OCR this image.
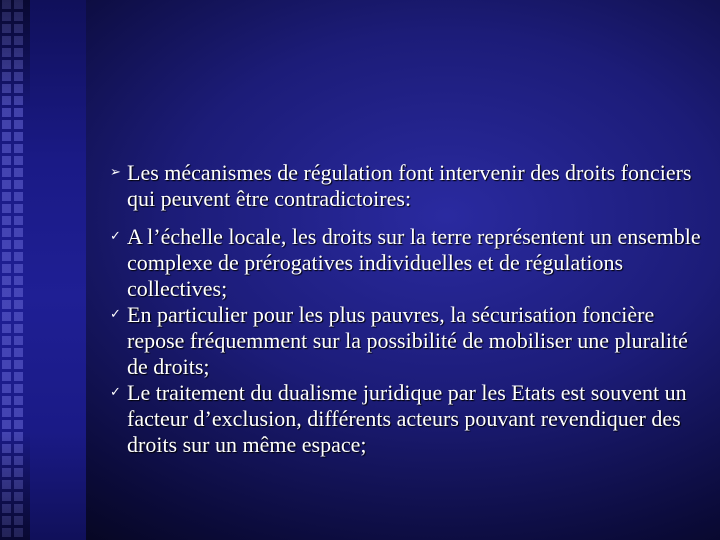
➢ Les mécanismes de régulation font intervenir des droits fonciers qui peuvent être contradictoires:
✓ A l’échelle locale, les droits sur la terre représentent un ensemble complexe de prérogatives individuelles et de régulations collectives;
✓ En particulier pour les plus pauvres, la sécurisation foncière repose fréquemment sur la possibilité de mobiliser une pluralité de droits;
✓ Le traitement du dualisme juridique par les Etats est souvent un facteur d’exclusion, différents acteurs pouvant revendiquer des droits sur un même espace;
